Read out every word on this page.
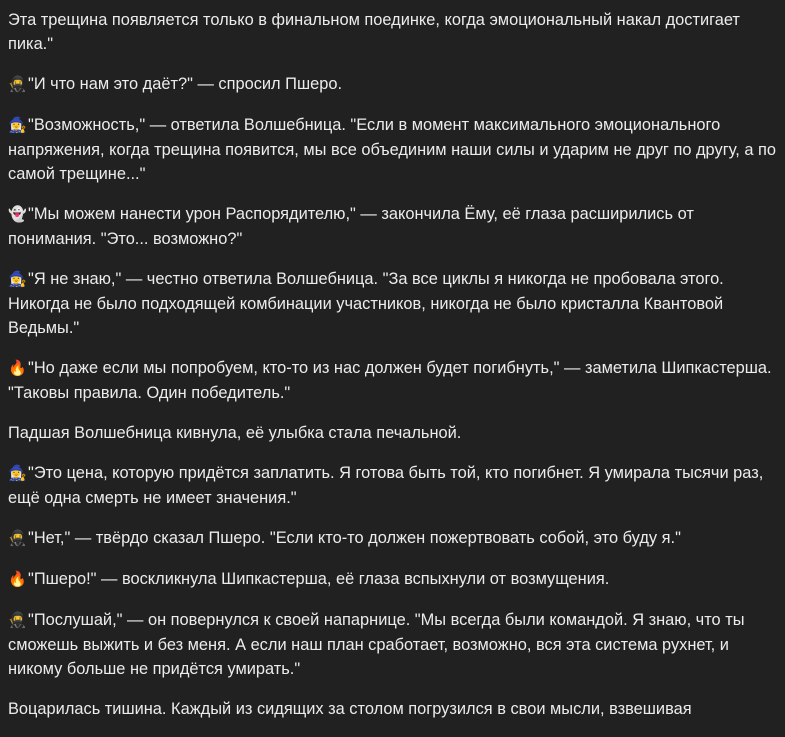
Эта трещина появляется только в финальном поединке, когда эмоциональный накал достигает пика."

🥷"И что нам это даёт?" — спросил Пшеро.

🧙‍♀️"Возможность," — ответила Волшебница. "Если в момент максимального эмоционального напряжения, когда трещина появится, мы все объединим наши силы и ударим не друг по другу, а по самой трещине..."

👻"Мы можем нанести урон Распорядителю," — закончила Ёму, её глаза расширились от понимания. "Это... возможно?"

🧙‍♀️"Я не знаю," — честно ответила Волшебница. "За все циклы я никогда не пробовала этого. Никогда не было подходящей комбинации участников, никогда не было кристалла Квантовой Ведьмы."

🔥"Но даже если мы попробуем, кто-то из нас должен будет погибнуть," — заметила Шипкастерша. "Таковы правила. Один победитель."

Падшая Волшебница кивнула, её улыбка стала печальной.

🧙‍♀️"Это цена, которую придётся заплатить. Я готова быть той, кто погибнет. Я умирала тысячи раз, ещё одна смерть не имеет значения."

🥷"Нет," — твёрдо сказал Пшеро. "Если кто-то должен пожертвовать собой, это буду я."

🔥"Пшеро!" — воскликнула Шипкастерша, её глаза вспыхнули от возмущения.

🥷"Послушай," — он повернулся к своей напарнице. "Мы всегда были командой. Я знаю, что ты сможешь выжить и без меня. А если наш план сработает, возможно, вся эта система рухнет, и никому больше не придётся умирать."

Воцарилась тишина. Каждый из сидящих за столом погрузился в свои мысли, взвешивая
